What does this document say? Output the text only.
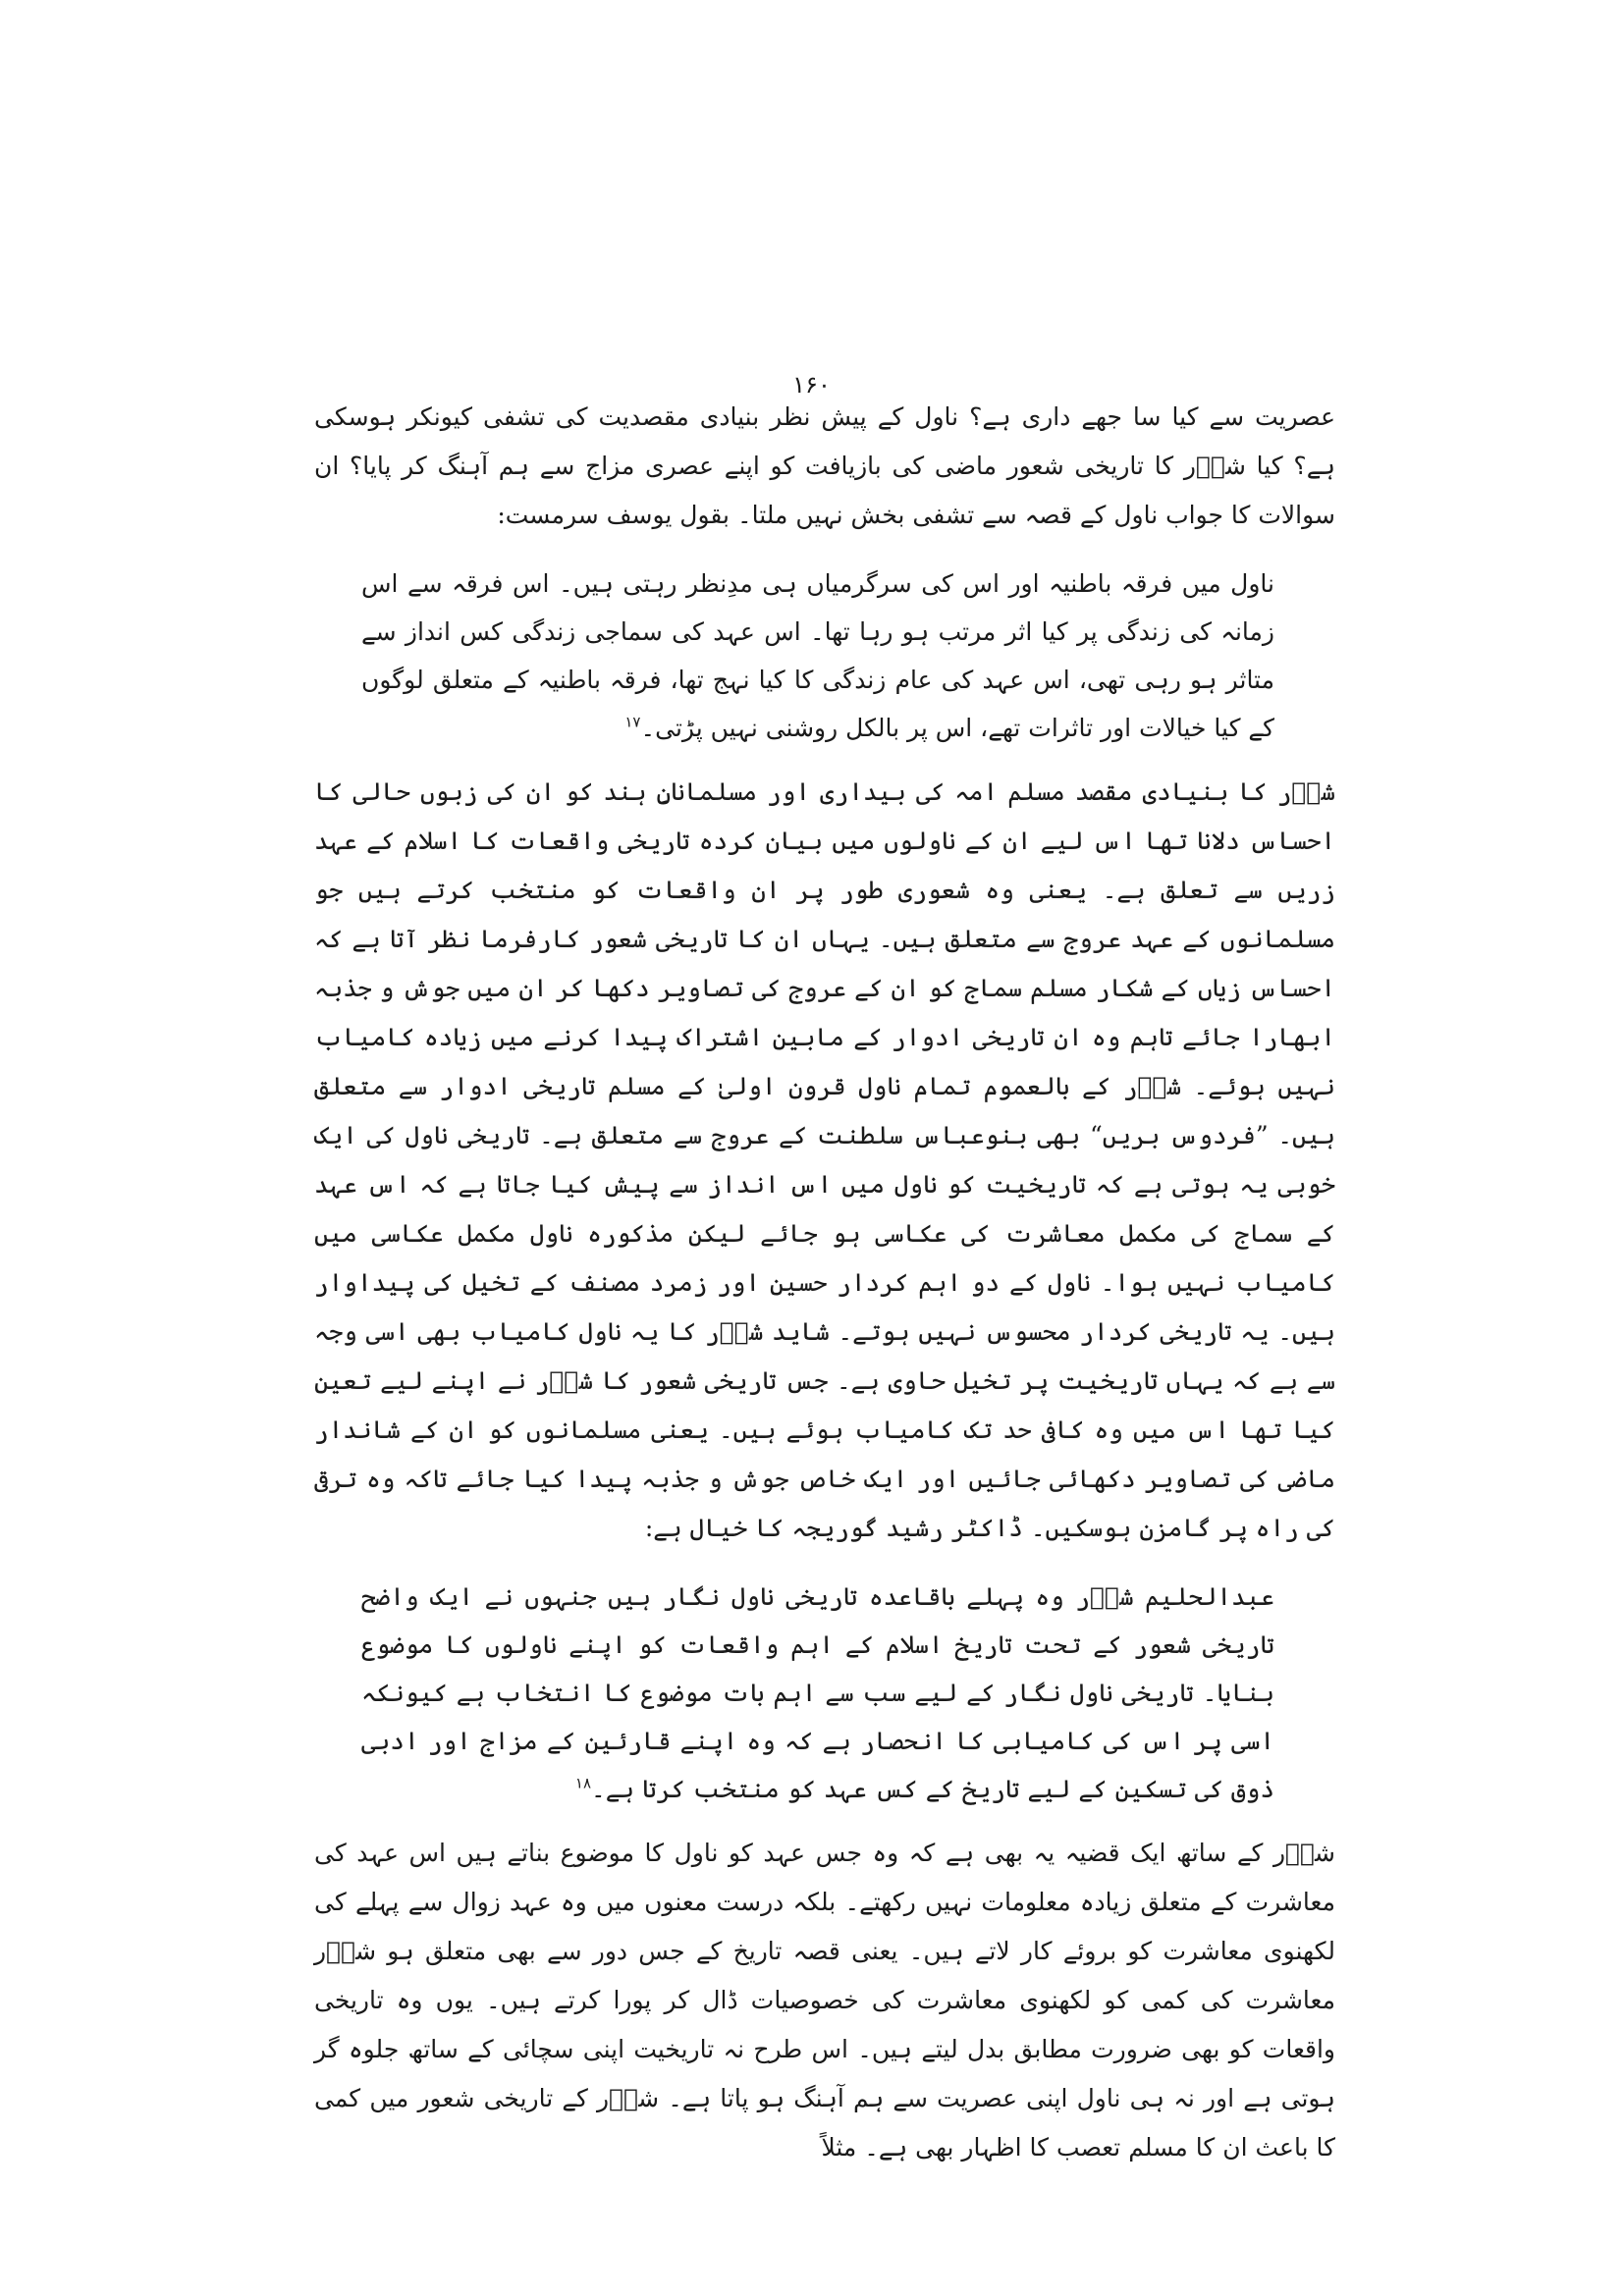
۱۶۰

عصریت سے کیا سا جھے داری ہے؟ ناول کے پیش نظر بنیادی مقصدیت کی تشفی کیونکر ہوسکی ہے؟ کیا شرؔر کا تاریخی شعور ماضی کی بازیافت کو اپنے عصری مزاج سے ہم آہنگ کر پایا؟ ان سوالات کا جواب ناول کے قصہ سے تشفی بخش نہیں ملتا۔ بقول یوسف سرمست:

ناول میں فرقہ باطنیہ اور اس کی سرگرمیاں ہی مدِنظر رہتی ہیں۔ اس فرقہ سے اس زمانہ کی زندگی پر کیا اثر مرتب ہو رہا تھا۔ اس عہد کی سماجی زندگی کس انداز سے متاثر ہو رہی تھی، اس عہد کی عام زندگی کا کیا نہج تھا، فرقہ باطنیہ کے متعلق لوگوں کے کیا خیالات اور تاثرات تھے، اس پر بالکل روشنی نہیں پڑتی۔$^{۱۷}$

شرؔر کا بنیادی مقصد مسلم امہ کی بیداری اور مسلمانانِ ہند کو ان کی زبوں حالی کا احساس دلانا تھا اس لیے ان کے ناولوں میں بیان کردہ تاریخی واقعات کا اسلام کے عہد زریں سے تعلق ہے۔ یعنی وہ شعوری طور پر ان واقعات کو منتخب کرتے ہیں جو مسلمانوں کے عہد عروج سے متعلق ہیں۔ یہاں ان کا تاریخی شعور کارفرما نظر آتا ہے کہ احساس زیاں کے شکار مسلم سماج کو ان کے عروج کی تصاویر دکھا کر ان میں جوش و جذبہ ابھارا جائے تاہم وہ ان تاریخی ادوار کے مابین اشتراک پیدا کرنے میں زیادہ کامیاب نہیں ہوئے۔ شرؔر کے بالعموم تمام ناول قرون اولیٰ کے مسلم تاریخی ادوار سے متعلق ہیں۔ ”فردوس بریں“ بھی بنوعباس سلطنت کے عروج سے متعلق ہے۔ تاریخی ناول کی ایک خوبی یہ ہوتی ہے کہ تاریخیت کو ناول میں اس انداز سے پیش کیا جاتا ہے کہ اس عہد کے سماج کی مکمل معاشرت کی عکاسی ہو جائے لیکن مذکورہ ناول مکمل عکاسی میں کامیاب نہیں ہوا۔ ناول کے دو اہم کردار حسین اور زمرد مصنف کے تخیل کی پیداوار ہیں۔ یہ تاریخی کردار محسوس نہیں ہوتے۔ شاید شرؔر کا یہ ناول کامیاب بھی اسی وجہ سے ہے کہ یہاں تاریخیت پر تخیل حاوی ہے۔ جس تاریخی شعور کا شرؔر نے اپنے لیے تعین کیا تھا اس میں وہ کافی حد تک کامیاب ہوئے ہیں۔ یعنی مسلمانوں کو ان کے شاندار ماضی کی تصاویر دکھائی جائیں اور ایک خاص جوش و جذبہ پیدا کیا جائے تاکہ وہ ترقی کی راہ پر گامزن ہوسکیں۔ ڈاکٹر رشید گوریجہ کا خیال ہے:

عبدالحلیم شرؔر وہ پہلے باقاعدہ تاریخی ناول نگار ہیں جنہوں نے ایک واضح تاریخی شعور کے تحت تاریخ اسلام کے اہم واقعات کو اپنے ناولوں کا موضوع بنایا۔ تاریخی ناول نگار کے لیے سب سے اہم بات موضوع کا انتخاب ہے کیونکہ اسی پر اس کی کامیابی کا انحصار ہے کہ وہ اپنے قارئین کے مزاج اور ادبی ذوق کی تسکین کے لیے تاریخ کے کس عہد کو منتخب کرتا ہے۔$^{۱۸}$

شرؔر کے ساتھ ایک قضیہ یہ بھی ہے کہ وہ جس عہد کو ناول کا موضوع بناتے ہیں اس عہد کی معاشرت کے متعلق زیادہ معلومات نہیں رکھتے۔ بلکہ درست معنوں میں وہ عہد زوال سے پہلے کی لکھنوی معاشرت کو بروئے کار لاتے ہیں۔ یعنی قصہ تاریخ کے جس دور سے بھی متعلق ہو شرؔر معاشرت کی کمی کو لکھنوی معاشرت کی خصوصیات ڈال کر پورا کرتے ہیں۔ یوں وہ تاریخی واقعات کو بھی ضرورت مطابق بدل لیتے ہیں۔ اس طرح نہ تاریخیت اپنی سچائی کے ساتھ جلوہ گر ہوتی ہے اور نہ ہی ناول اپنی عصریت سے ہم آہنگ ہو پاتا ہے۔ شرؔر کے تاریخی شعور میں کمی کا باعث ان کا مسلم تعصب کا اظہار بھی ہے۔ مثلاً
